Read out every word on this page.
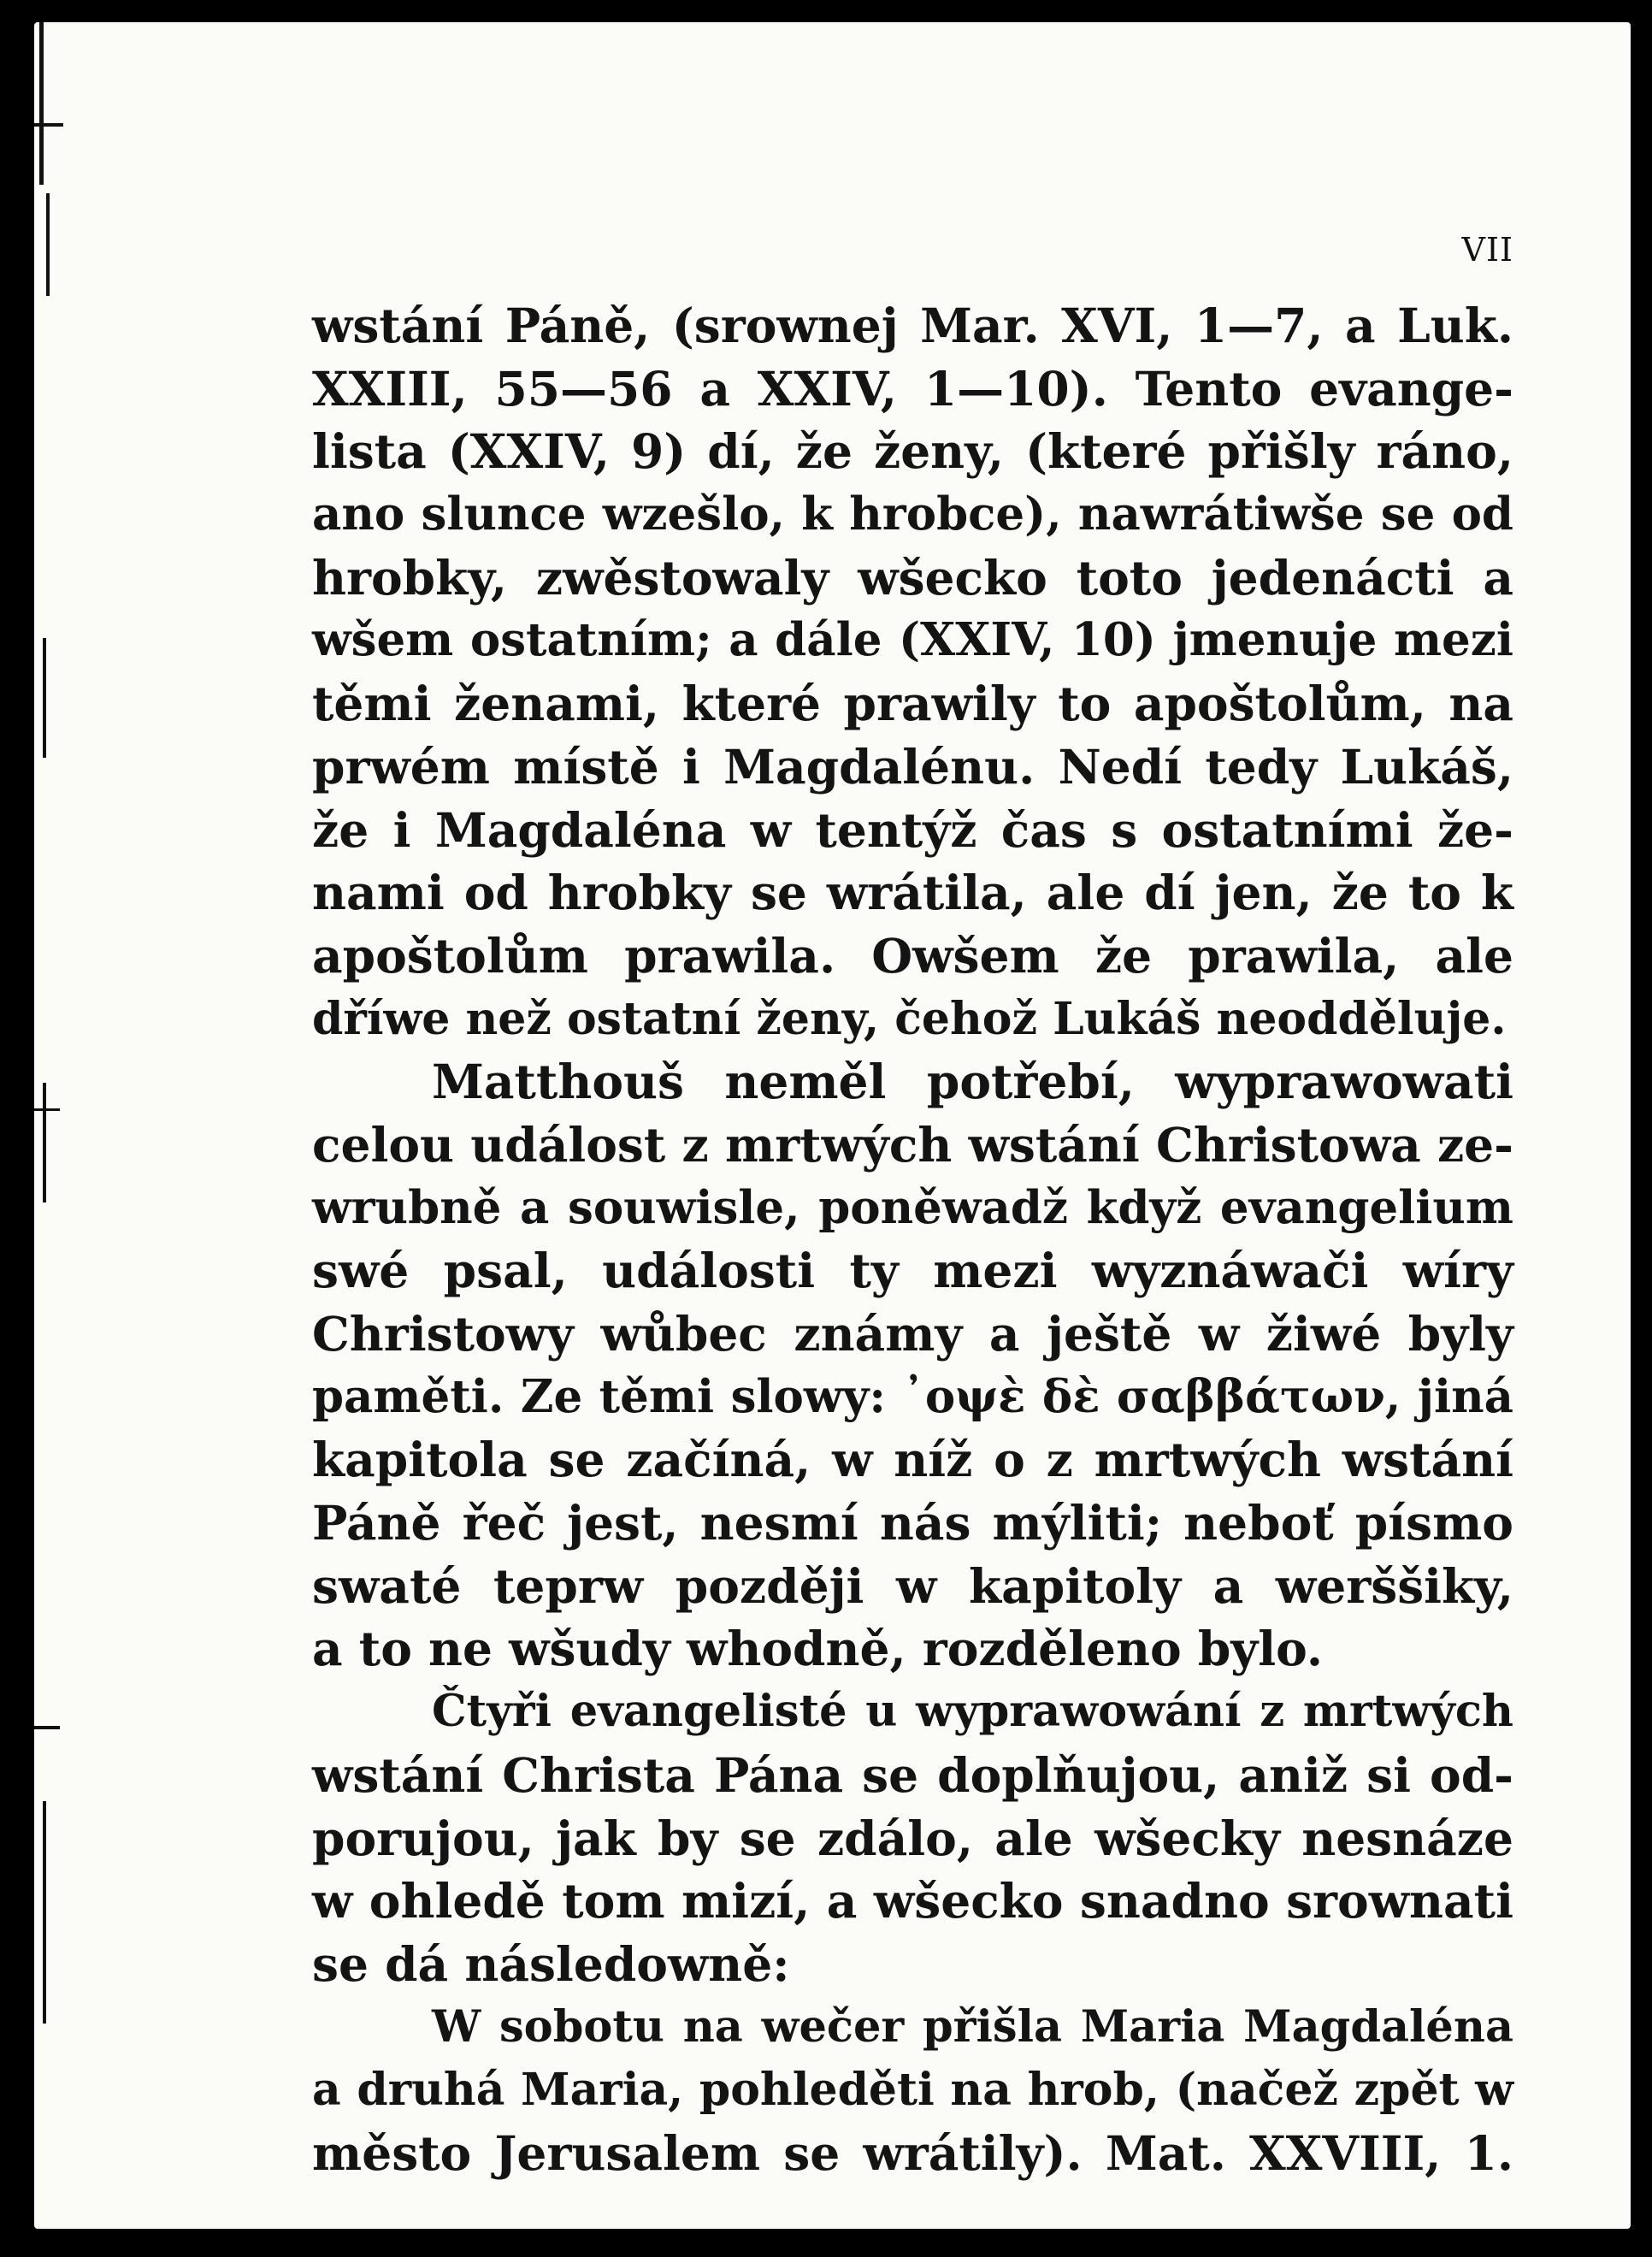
VII
wstání Páně, (srownej Mar. XVI, 1—7, a Luk.
XXIII, 55—56 a XXIV, 1—10). Tento evange-
lista (XXIV, 9) dí, že ženy, (které přišly ráno,
ano slunce wzešlo, k hrobce), nawrátiwše se od
hrobky, zwěstowaly wšecko toto jedenácti a
wšem ostatním; a dále (XXIV, 10) jmenuje mezi
těmi ženami, které prawily to apoštolům, na
prwém místě i Magdalénu. Nedí tedy Lukáš,
že i Magdaléna w tentýž čas s ostatními že-
nami od hrobky se wrátila, ale dí jen, že to k
apoštolům prawila. Owšem že prawila, ale
dříwe než ostatní ženy, čehož Lukáš neodděluje.
Matthouš neměl potřebí, wyprawowati
celou událost z mrtwých wstání Christowa ze-
wrubně a souwisle, poněwadž když evangelium
swé psal, události ty mezi wyznáwači wíry
Christowy wůbec známy a ještě w žiwé byly
paměti. Ze těmi slowy: ᾿οψὲ δὲ σαββάτων, jiná
kapitola se začíná, w níž o z mrtwých wstání
Páně řeč jest, nesmí nás mýliti; neboť písmo
swaté teprw později w kapitoly a werššiky,
a to ne wšudy whodně, rozděleno bylo.
Čtyři evangelisté u wyprawowání z mrtwých
wstání Christa Pána se doplňujou, aniž si od-
porujou, jak by se zdálo, ale wšecky nesnáze
w ohledě tom mizí, a wšecko snadno srownati
se dá následowně:
W sobotu na wečer přišla Maria Magdaléna
a druhá Maria, pohleděti na hrob, (načež zpět w
město Jerusalem se wrátily). Mat. XXVIII, 1.
